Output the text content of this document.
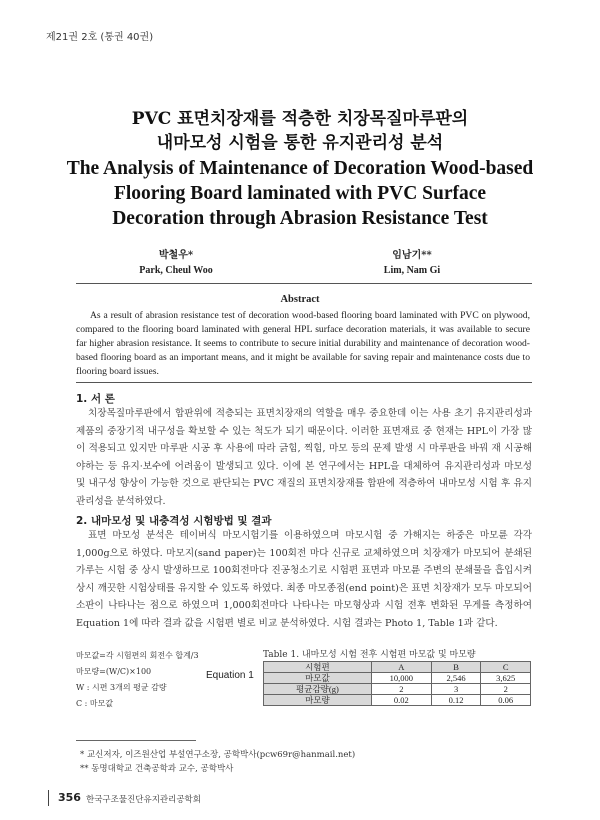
제21권 2호 (통권 40권)
PVC 표면치장재를 적층한 치장목질마루판의
내마모성 시험을 통한 유지관리성 분석
The Analysis of Maintenance of Decoration Wood-based
Flooring Board laminated with PVC Surface
Decoration through Abrasion Resistance Test
박철우*
Park, Cheul Woo
임남기**
Lim, Nam Gi
Abstract
As a result of abrasion resistance test of decoration wood-based flooring board laminated with PVC on plywood, compared to the flooring board laminated with general HPL surface decoration materials, it was available to secure far higher abrasion resistance. It seems to contribute to secure initial durability and maintenance of decoration wood-based flooring board as an important means, and it might be available for saving repair and maintenance costs due to flooring board issues.
1. 서 론
치장목질마루판에서 합판위에 적층되는 표면치장재의 역할을 매우 중요한데 이는 사용 초기 유지관리성과 제품의 중장기적 내구성을 확보할 수 있는 척도가 되기 때문이다. 이러한 표면재료 중 현재는 HPL이 가장 많이 적용되고 있지만 마루판 시공 후 사용에 따라 긁힘, 찍힘, 마모 등의 문제 발생 시 마루판을 바꿔 재 시공해야하는 등 유지·보수에 어려움이 발생되고 있다. 이에 본 연구에서는 HPL을 대체하여 유지관리성과 마모성 및 내구성 향상이 가능한 것으로 판단되는 PVC 재질의 표면치장재를 합판에 적층하여 내마모성 시험 후 유지관리성을 분석하였다.
2. 내마모성 및 내충격성 시험방법 및 결과
표면 마모성 분석은 테이버식 마모시험기를 이용하였으며 마모시험 중 가해지는 하중은 마모륜 각각 1,000g으로 하였다. 마모지(sand paper)는 100회전 마다 신규로 교체하였으며 치장재가 마모되어 분쇄된 가루는 시험 중 상시 발생하므로 100회전마다 진공청소기로 시험편 표면과 마모륜 주변의 분쇄물을 흡입시켜 상시 깨끗한 시험상태를 유지할 수 있도록 하였다. 최종 마모종점(end point)은 표면 치장재가 모두 마모되어 소판이 나타나는 점으로 하였으며 1,000회전마다 나타나는 마모형상과 시험 전후 변화된 무게를 측정하여 Equation 1에 따라 결과 값을 시험편 별로 비교 분석하였다. 시험 결과는 Photo 1, Table 1과 같다.
마모값=각 시험편의 회전수 합계/3
마모량=(W/C)×100
W : 시편 3개의 평균 감량
C : 마모값
Equation 1
Table 1. 내마모성 시험 전후 시험편 마모값 및 마모량
시험편	A	B	C
마모값	10,000	2,546	3,625
평균감량(g)	2	3	2
마모량	0.02	0.12	0.06
* 교신저자, 이즈원산업 부설연구소장, 공학박사(pcw69r@hanmail.net)
** 동명대학교 건축공학과 교수, 공학박사
356 한국구조물진단유지관리공학회
